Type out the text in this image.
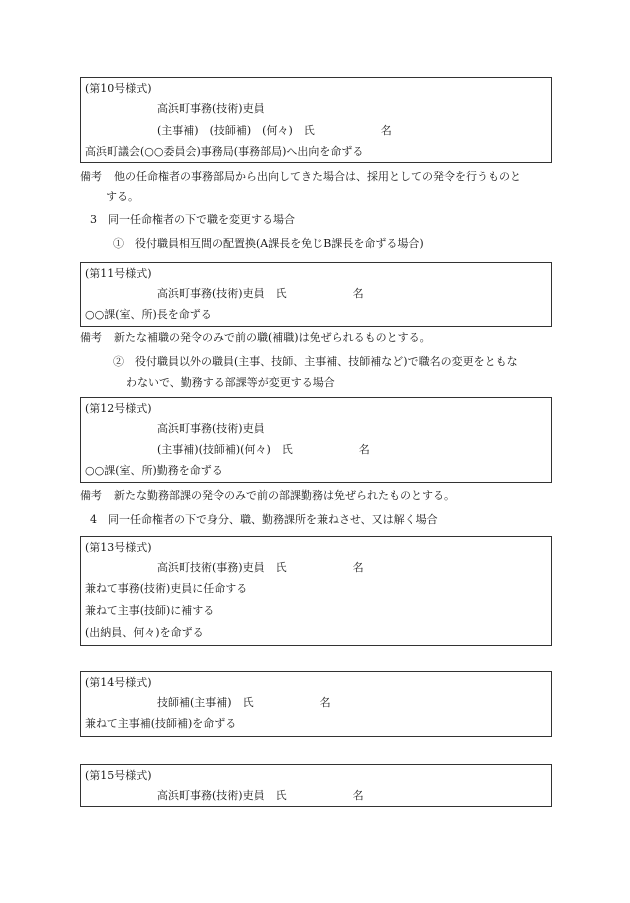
(第10号様式)
高浜町事務(技術)吏員
(主事補)　(技師補)　(何々)　氏　　　　　　名
高浜町議会(○○委員会)事務局(事務部局)へ出向を命ずる
備考 他の任命権者の事務部局から出向してきた場合は、採用としての発令を行うものと
する。
3　同一任命権者の下で職を変更する場合
①　役付職員相互間の配置換(A課長を免じB課長を命ずる場合)
(第11号様式)
高浜町事務(技術)吏員　氏　　　　　　名
○○課(室、所)長を命ずる
備考 新たな補職の発令のみで前の職(補職)は免ぜられるものとする。
②　役付職員以外の職員(主事、技師、主事補、技師補など)で職名の変更をともな
わないで、勤務する部課等が変更する場合
(第12号様式)
高浜町事務(技術)吏員
(主事補)(技師補)(何々)　氏　　　　　　名
○○課(室、所)勤務を命ずる
備考 新たな勤務部課の発令のみで前の部課勤務は免ぜられたものとする。
4　同一任命権者の下で身分、職、勤務課所を兼ねさせ、又は解く場合
(第13号様式)
高浜町技術(事務)吏員　氏　　　　　　名
兼ねて事務(技術)吏員に任命する
兼ねて主事(技師)に補する
(出納員、何々)を命ずる
(第14号様式)
技師補(主事補)　氏　　　　　　名
兼ねて主事補(技師補)を命ずる
(第15号様式)
高浜町事務(技術)吏員　氏　　　　　　名
